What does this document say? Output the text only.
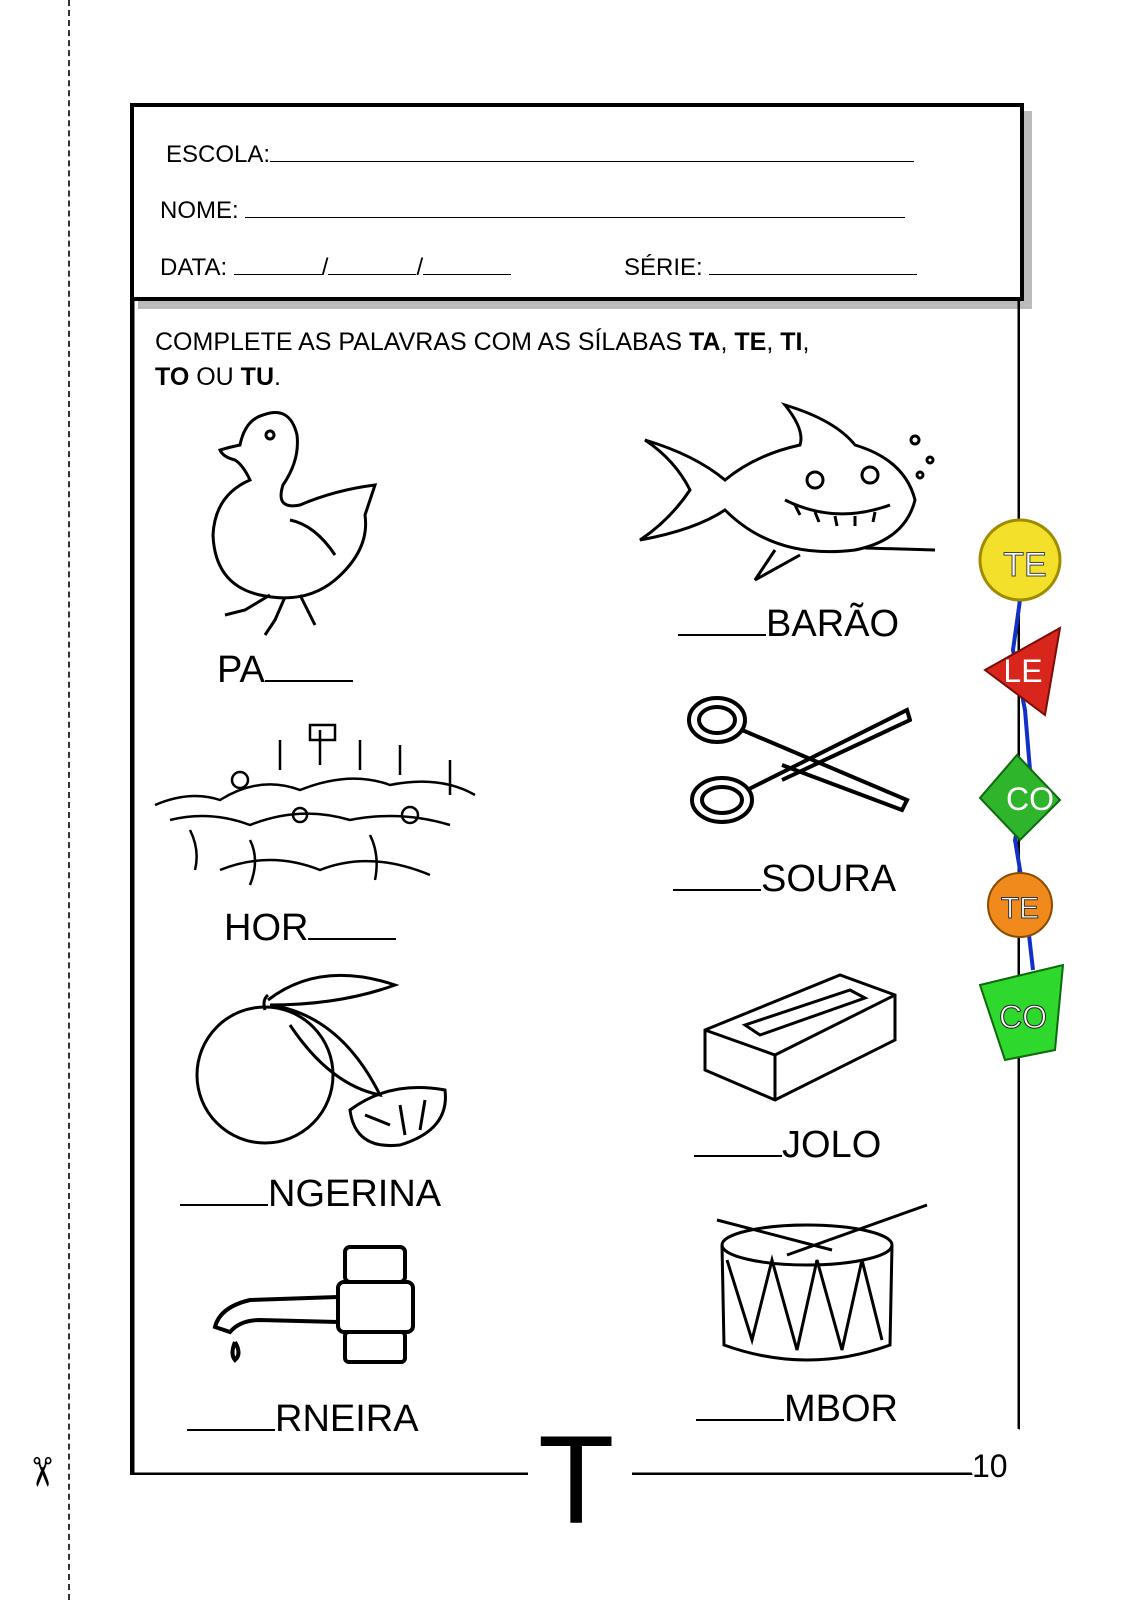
✂
ESCOLA:
NOME:
DATA:	/	/	SÉRIE:
COMPLETE AS PALAVRAS COM AS SÍLABAS TA, TE, TI,
TO OU TU.
PA
BARÃO
HOR
SOURA
NGERINA
JOLO
RNEIRA	MBOR
T	10
TE
LE
CO
TE
CO
